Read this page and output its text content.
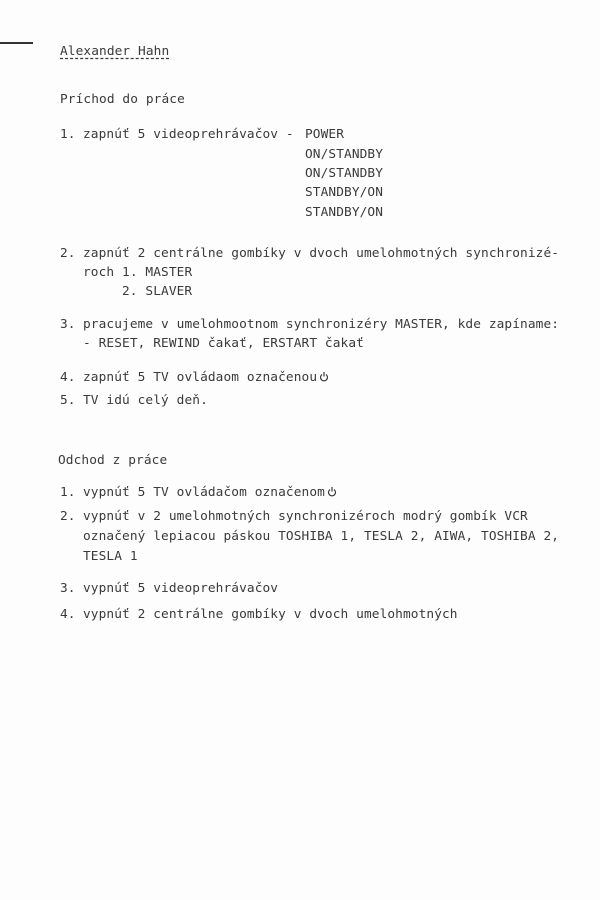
Alexander Hahn
Príchod do práce
1. zapnúť 5 videoprehrávačov - POWER
ON/STANDBY
ON/STANDBY
STANDBY/ON
STANDBY/ON
2. zapnúť 2 centrálne gombíky v dvoch umelohmotných synchronizé-
roch 1. MASTER
2. SLAVER
3. pracujeme v umelohmootnom synchronizéry MASTER, kde zapíname:
- RESET, REWIND čakať, ERSTART čakať
4. zapnúť 5 TV ovládaom označenou
5. TV idú celý deň.
Odchod z práce
1. vypnúť 5 TV ovládačom označenom
2. vypnúť v 2 umelohmotných synchronizéroch modrý gombík VCR
označený lepiacou páskou TOSHIBA 1, TESLA 2, AIWA, TOSHIBA 2,
TESLA 1
3. vypnúť 5 videoprehrávačov
4. vypnúť 2 centrálne gombíky v dvoch umelohmotných
